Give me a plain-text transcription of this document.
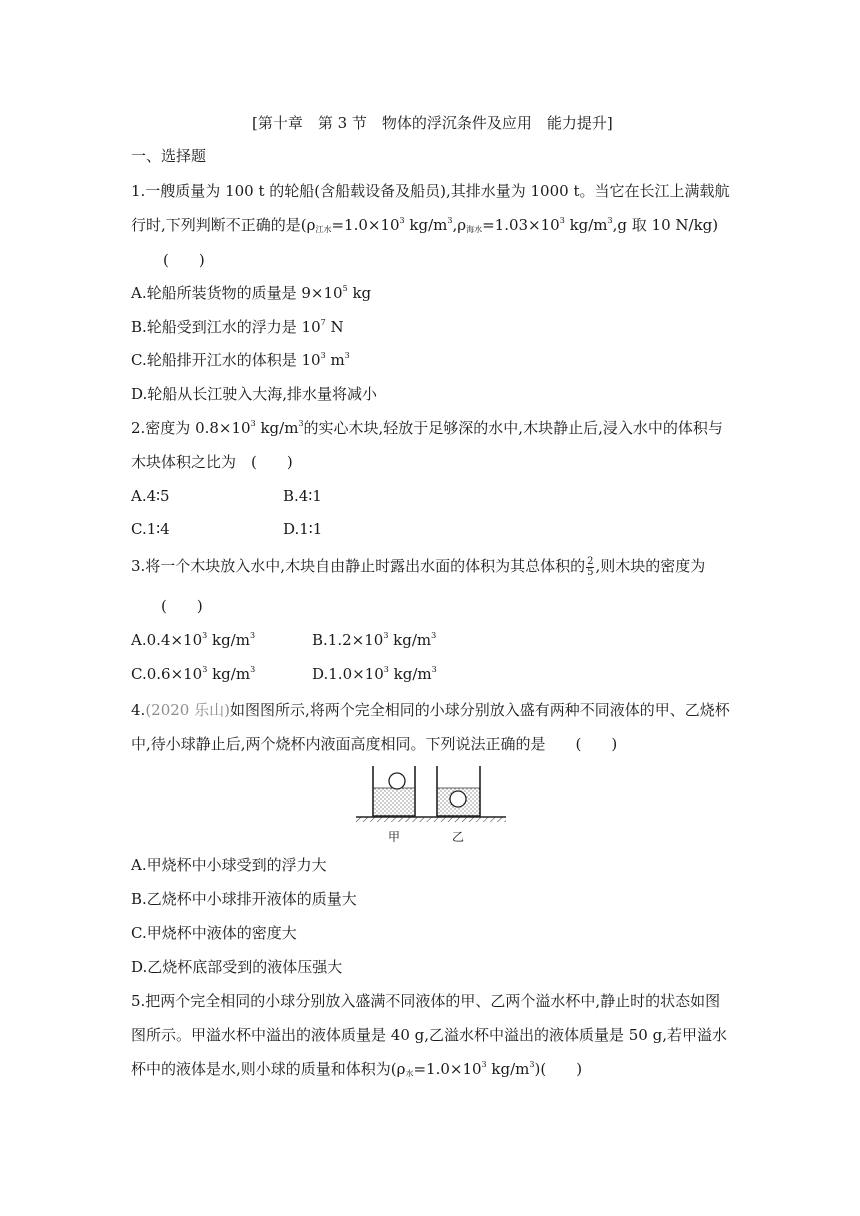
[第十章　第 3 节　物体的浮沉条件及应用　能力提升]
一、选择题
1.一艘质量为 100 t 的轮船(含船载设备及船员),其排水量为 1000 t。当它在长江上满载航
行时,下列判断不正确的是($\rho_{江水}=1.0\times 10^3$ $kg/m^3,\rho_{海水}=1.03\times 10^3$ $kg/m^3,g$ 取 10 N/kg)
(　　)
A.轮船所装货物的质量是 $9\times 10^5$ kg
B.轮船受到江水的浮力是 $10^7$ N
C.轮船排开江水的体积是 $10^3$ $m^3$
D.轮船从长江驶入大海,排水量将减小
2.密度为 $0.8\times 10^3$ $kg/m^3$的实心木块,轻放于足够深的水中,木块静止后,浸入水中的体积与
木块体积之比为　(　　)
A.4∶5	B.4∶1
C.1∶4	D.1∶1
3.将一个木块放入水中,木块自由静止时露出水面的体积为其总体积的 $\frac{2}{5}$ ,则木块的密度为
(　　)
$A.0.4\times 10^3$ $kg/m^3$	$B.1.2\times 10^3$ $kg/m^3$
$C.0.6\times 10^3$ $kg/m^3$	$D.1.0\times 10^3$ $kg/m^3$
4.(2020 乐山)如图图所示,将两个完全相同的小球分别放入盛有两种不同液体的甲、乙烧杯
中,待小球静止后,两个烧杯内液面高度相同。下列说法正确的是　　(　　)
甲	乙
A.甲烧杯中小球受到的浮力大
B.乙烧杯中小球排开液体的质量大
C.甲烧杯中液体的密度大
D.乙烧杯底部受到的液体压强大
5.把两个完全相同的小球分别放入盛满不同液体的甲、乙两个溢水杯中,静止时的状态如图
图所示。甲溢水杯中溢出的液体质量是 40 g,乙溢水杯中溢出的液体质量是 50 g,若甲溢水
杯中的液体是水,则小球的质量和体积为($\rho_水=1.0\times 10^3$ $kg/m^3$)(　　)
